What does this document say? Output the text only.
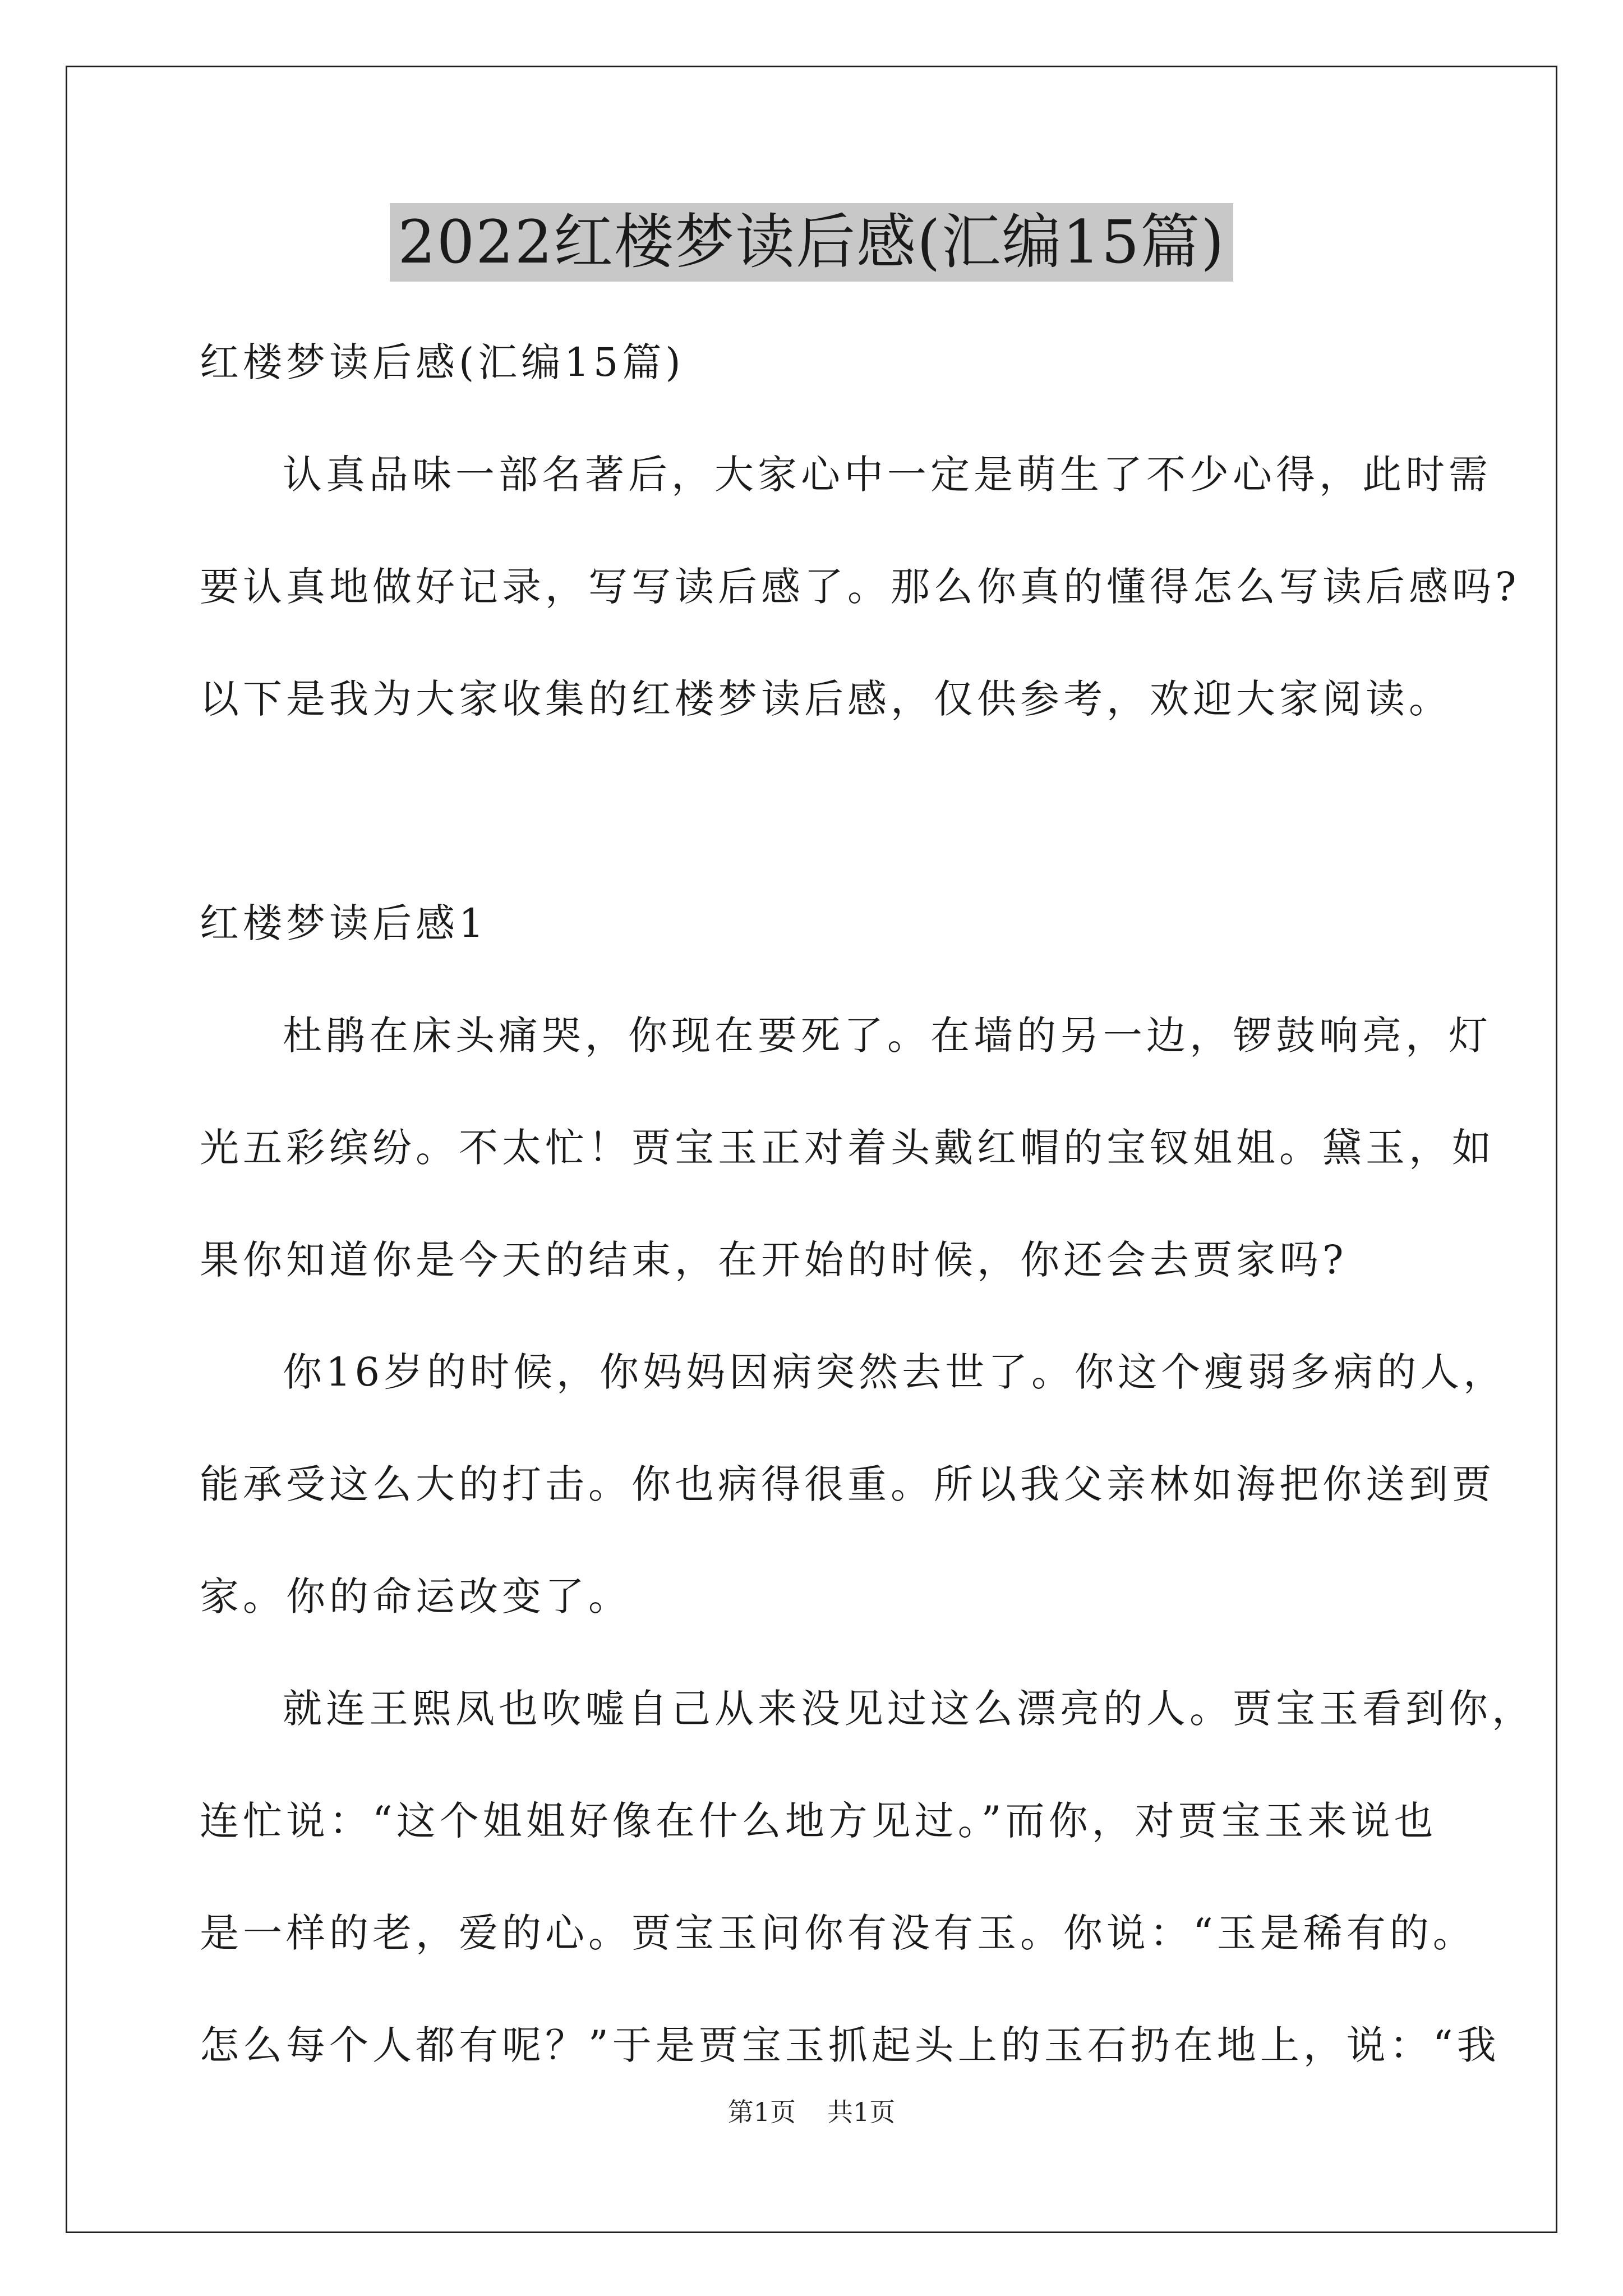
2022红楼梦读后感(汇编15篇)
红楼梦读后感(汇编15篇)
认真品味一部名著后，大家心中一定是萌生了不少心得，此时需
要认真地做好记录，写写读后感了。那么你真的懂得怎么写读后感吗?
以下是我为大家收集的红楼梦读后感，仅供参考，欢迎大家阅读。
红楼梦读后感1
杜鹃在床头痛哭，你现在要死了。在墙的另一边，锣鼓响亮，灯
光五彩缤纷。不太忙！贾宝玉正对着头戴红帽的宝钗姐姐。黛玉，如
果你知道你是今天的结束，在开始的时候，你还会去贾家吗?
你16岁的时候，你妈妈因病突然去世了。你这个瘦弱多病的人，
能承受这么大的打击。你也病得很重。所以我父亲林如海把你送到贾
家。你的命运改变了。
就连王熙凤也吹嘘自己从来没见过这么漂亮的人。贾宝玉看到你，
连忙说：“这个姐姐好像在什么地方见过。”而你，对贾宝玉来说也
是一样的老，爱的心。贾宝玉问你有没有玉。你说：“玉是稀有的。
怎么每个人都有呢？”于是贾宝玉抓起头上的玉石扔在地上，说：“我
第1页 共1页
